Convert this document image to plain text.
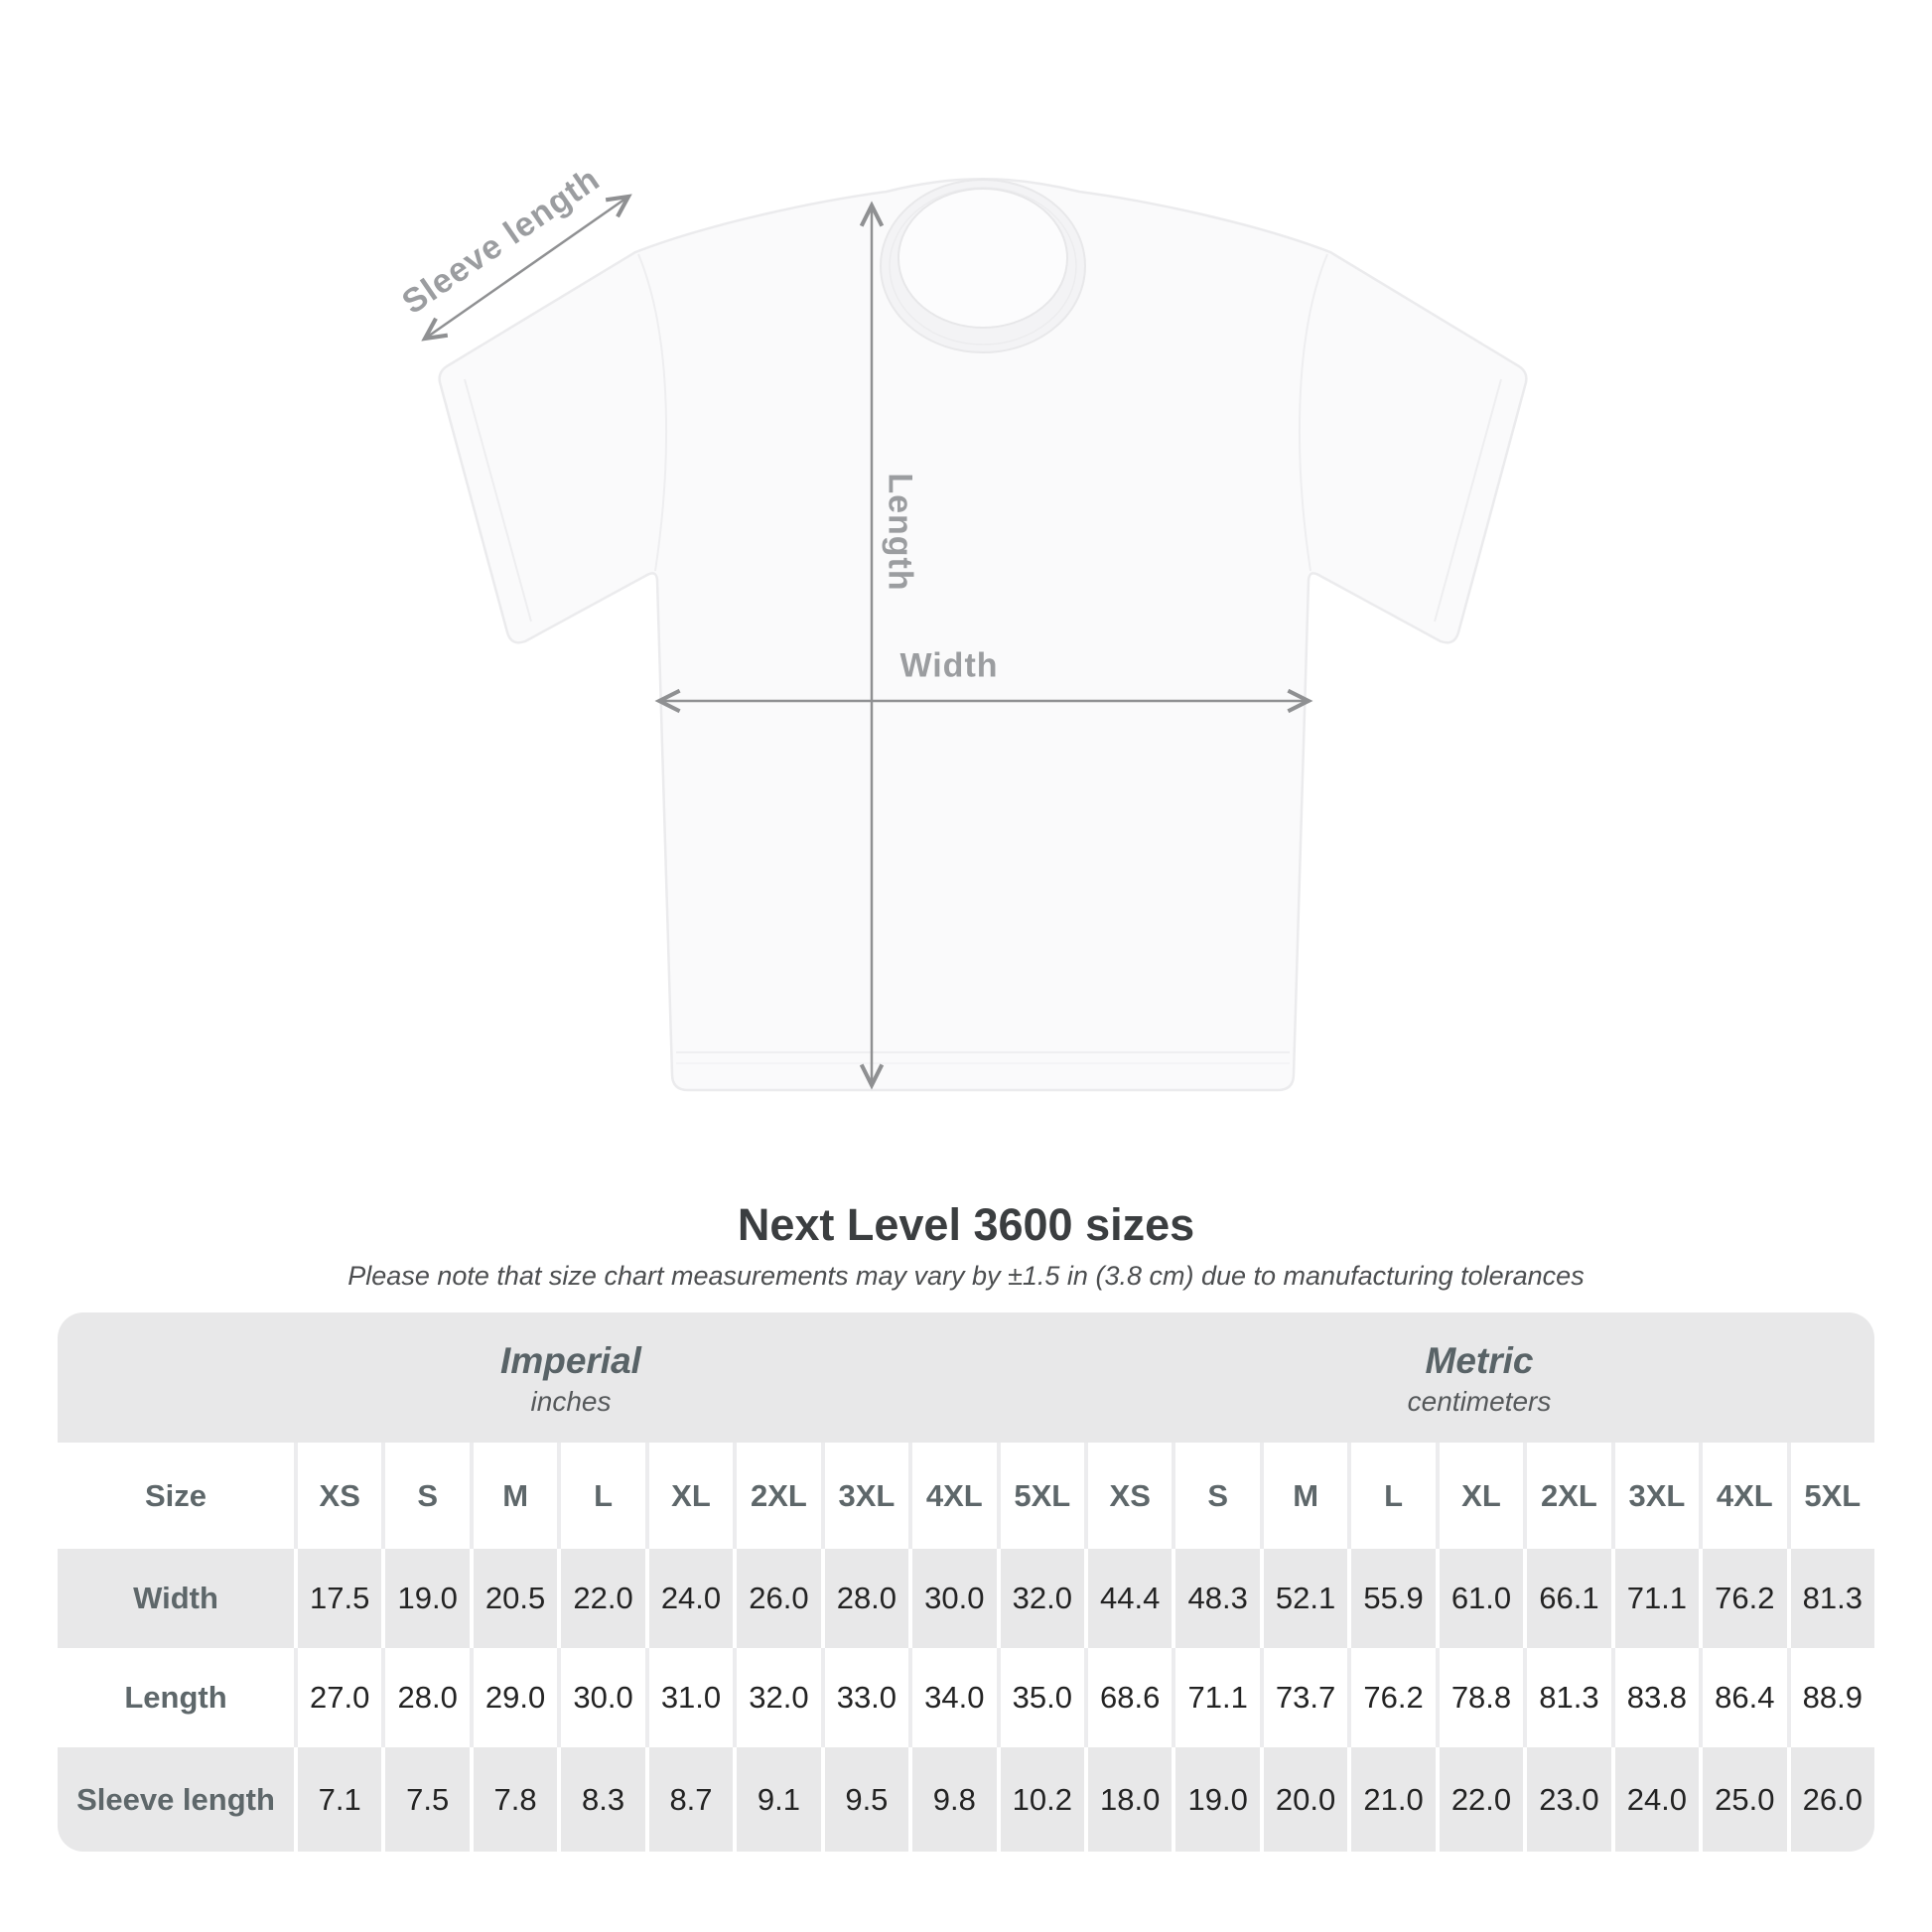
Sleeve length
Length
Width
Next Level 3600 sizes

Please note that size chart measurements may vary by ±1.5 in (3.8 cm) due to manufacturing tolerances

Imperial
inches
Metric
centimeters
Size	XS	S	M	L	XL	2XL	3XL	4XL	5XL	XS	S	M	L	XL	2XL	3XL	4XL	5XL
Width	17.5 19.0 20.5 22.0 24.0 26.0 28.0 30.0 32.0 44.4 48.3 52.1 55.9 61.0 66.1 71.1 76.2 81.3
Length	27.0 28.0 29.0 30.0 31.0 32.0 33.0 34.0 35.0 68.6 71.1 73.7 76.2 78.8 81.3 83.8 86.4 88.9
Sleeve length	7.1	7.5	7.8	8.3	8.7	9.1	9.5	9.8	10.2 18.0 19.0 20.0 21.0 22.0 23.0 24.0 25.0 26.0
